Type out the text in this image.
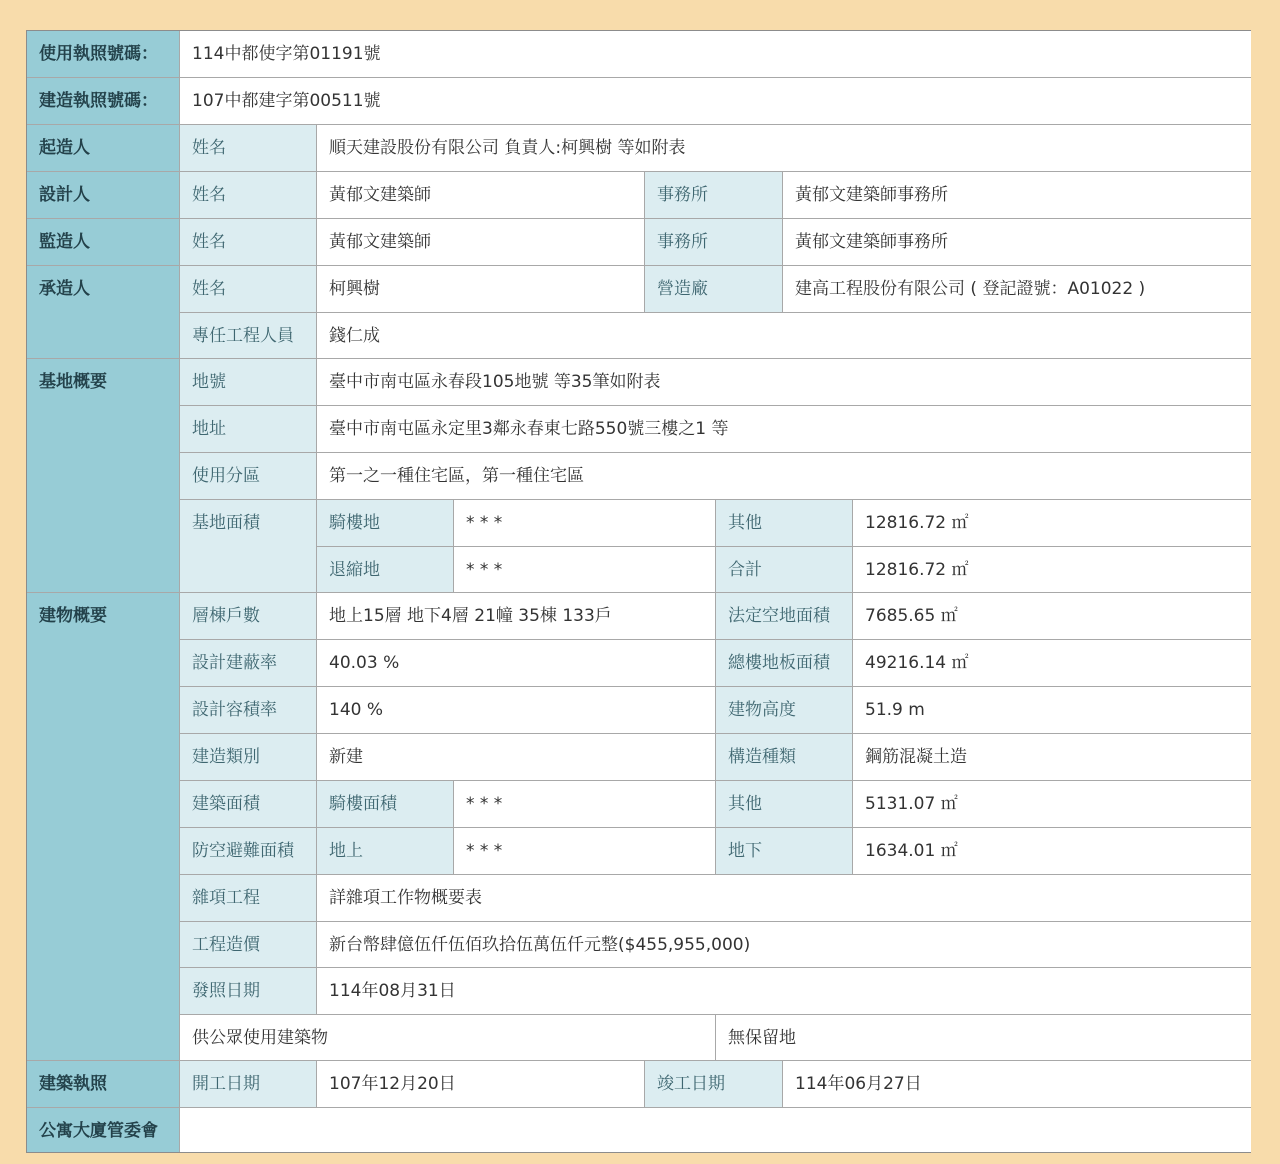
使用執照號碼：	114中都使字第01191號
建造執照號碼：	107中都建字第00511號
起造人	姓名	順天建設股份有限公司 負責人:柯興樹 等如附表
設計人	姓名	黃郁文建築師	事務所	黃郁文建築師事務所
監造人	姓名	黃郁文建築師	事務所	黃郁文建築師事務所
承造人	姓名	柯興樹	營造廠	建高工程股份有限公司 ( 登記證號：A01022 )
專任工程人員	錢仁成
基地概要	地號	臺中市南屯區永春段105地號 等35筆如附表
地址	臺中市南屯區永定里3鄰永春東七路550號三樓之1 等
使用分區	第一之一種住宅區，第一種住宅區
基地面積	騎樓地	* * *	其他	12816.72 ㎡
退縮地	* * *	合計	12816.72 ㎡
建物概要	層棟戶數	地上15層 地下4層 21幢 35棟 133戶	法定空地面積	7685.65 ㎡
設計建蔽率	40.03 %	總樓地板面積	49216.14 ㎡
設計容積率	140 %	建物高度	51.9 m
建造類別	新建	構造種類	鋼筋混凝土造
建築面積	騎樓面積	* * *	其他	5131.07 ㎡
防空避難面積	地上	* * *	地下	1634.01 ㎡
雜項工程	詳雜項工作物概要表
工程造價	新台幣肆億伍仟伍佰玖拾伍萬伍仟元整($455,955,000)
發照日期	114年08月31日
供公眾使用建築物	無保留地
建築執照	開工日期	107年12月20日	竣工日期	114年06月27日
公寓大廈管委會
